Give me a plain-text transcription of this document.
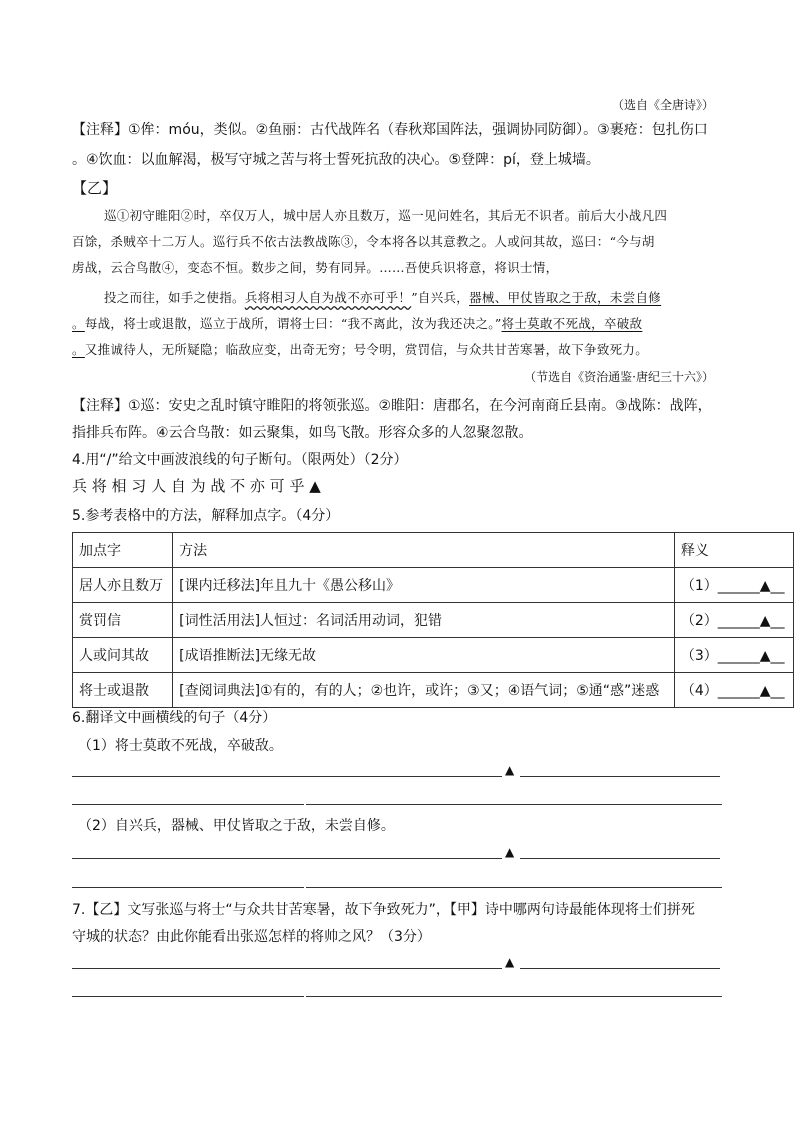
（选自《全唐诗》）
【注释】①侔：móu，类似。②鱼丽：古代战阵名（春秋郑国阵法，强调协同防御）。③裹疮：包扎伤口
。④饮血：以血解渴，极写守城之苦与将士誓死抗敌的决心。⑤登陴：pí，登上城墙。
【乙】
巡①初守睢阳②时，卒仅万人，城中居人亦且数万，巡一见问姓名，其后无不识者。前后大小战凡四
百馀，杀贼卒十二万人。巡行兵不依古法教战陈③，令本将各以其意教之。人或问其故，巡曰：“今与胡
虏战，云合鸟散④，变态不恒。数步之间，势有同异。……吾使兵识将意，将识士情，
投之而往，如手之使指。兵将相习人自为战不亦可乎！”自兴兵，器械、甲仗皆取之于敌，未尝自修
。每战，将士或退散，巡立于战所，谓将士曰：“我不离此，汝为我还决之。”将士莫敢不死战，卒破敌
。又推诚待人，无所疑隐；临敌应变，出奇无穷；号令明，赏罚信，与众共甘苦寒暑，故下争致死力。
（节选自《资治通鉴·唐纪三十六》）
【注释】①巡：安史之乱时镇守睢阳的将领张巡。②睢阳：唐郡名，在今河南商丘县南。③战陈：战阵，
指排兵布阵。④云合鸟散：如云聚集，如鸟飞散。形容众多的人忽聚忽散。
4.用“/”给文中画波浪线的句子断句。（限两处）（2分）
兵 将 相 习 人 自 为 战 不 亦 可 乎 ▲
5.参考表格中的方法，解释加点字。（4分）
加点字	方法	释义
居人亦且数万	[课内迁移法]年且九十《愚公移山》	（1）______▲__
赏罚信	[词性活用法]人恒过：名词活用动词，犯错	（2）______▲__
人或问其故	[成语推断法]无缘无故	（3）______▲__
将士或退散	[查阅词典法]①有的，有的人；②也许，或许；③又；④语气词；⑤通“惑”迷惑	（4）______▲__
6.翻译文中画横线的句子（4分）
（1）将士莫敢不死战，卒破敌。
▲
（2）自兴兵，器械、甲仗皆取之于敌，未尝自修。
▲
7.【乙】文写张巡与将士“与众共甘苦寒暑，故下争致死力”，【甲】诗中哪两句诗最能体现将士们拼死
守城的状态？由此你能看出张巡怎样的将帅之风？（3分）
▲
